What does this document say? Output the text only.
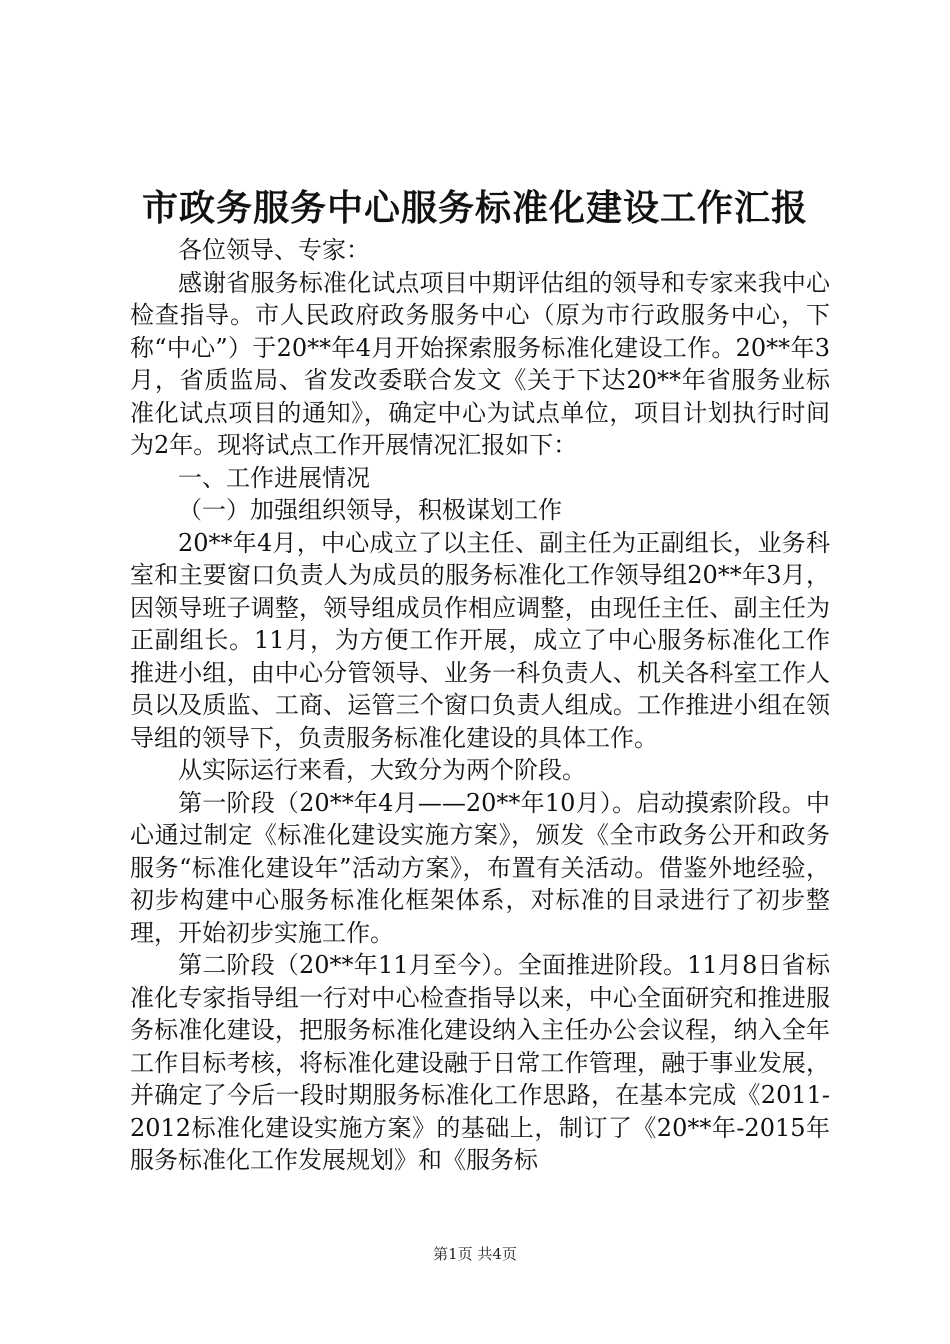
市政务服务中心服务标准化建设工作汇报

各位领导、专家：

感谢省服务标准化试点项目中期评估组的领导和专家来我中心检查指导。市人民政府政务服务中心（原为市行政服务中心，下称“中心”）于20**年4月开始探索服务标准化建设工作。20**年3月，省质监局、省发改委联合发文《关于下达20**年省服务业标准化试点项目的通知》，确定中心为试点单位，项目计划执行时间为2年。现将试点工作开展情况汇报如下：

一、工作进展情况

（一）加强组织领导，积极谋划工作

20**年4月，中心成立了以主任、副主任为正副组长，业务科室和主要窗口负责人为成员的服务标准化工作领导组20**年3月，因领导班子调整，领导组成员作相应调整，由现任主任、副主任为正副组长。11月，为方便工作开展，成立了中心服务标准化工作推进小组，由中心分管领导、业务一科负责人、机关各科室工作人员以及质监、工商、运管三个窗口负责人组成。工作推进小组在领导组的领导下，负责服务标准化建设的具体工作。

从实际运行来看，大致分为两个阶段。

第一阶段（20**年4月——20**年10月）。启动摸索阶段。中心通过制定《标准化建设实施方案》，颁发《全市政务公开和政务服务“标准化建设年”活动方案》，布置有关活动。借鉴外地经验，初步构建中心服务标准化框架体系，对标准的目录进行了初步整理，开始初步实施工作。

第二阶段（20**年11月至今）。全面推进阶段。11月8日省标准化专家指导组一行对中心检查指导以来，中心全面研究和推进服务标准化建设，把服务标准化建设纳入主任办公会议程，纳入全年工作目标考核，将标准化建设融于日常工作管理，融于事业发展，并确定了今后一段时期服务标准化工作思路，在基本完成《2011-2012标准化建设实施方案》的基础上，制订了《20**年-2015年服务标准化工作发展规划》和《服务标

第1页 共4页
